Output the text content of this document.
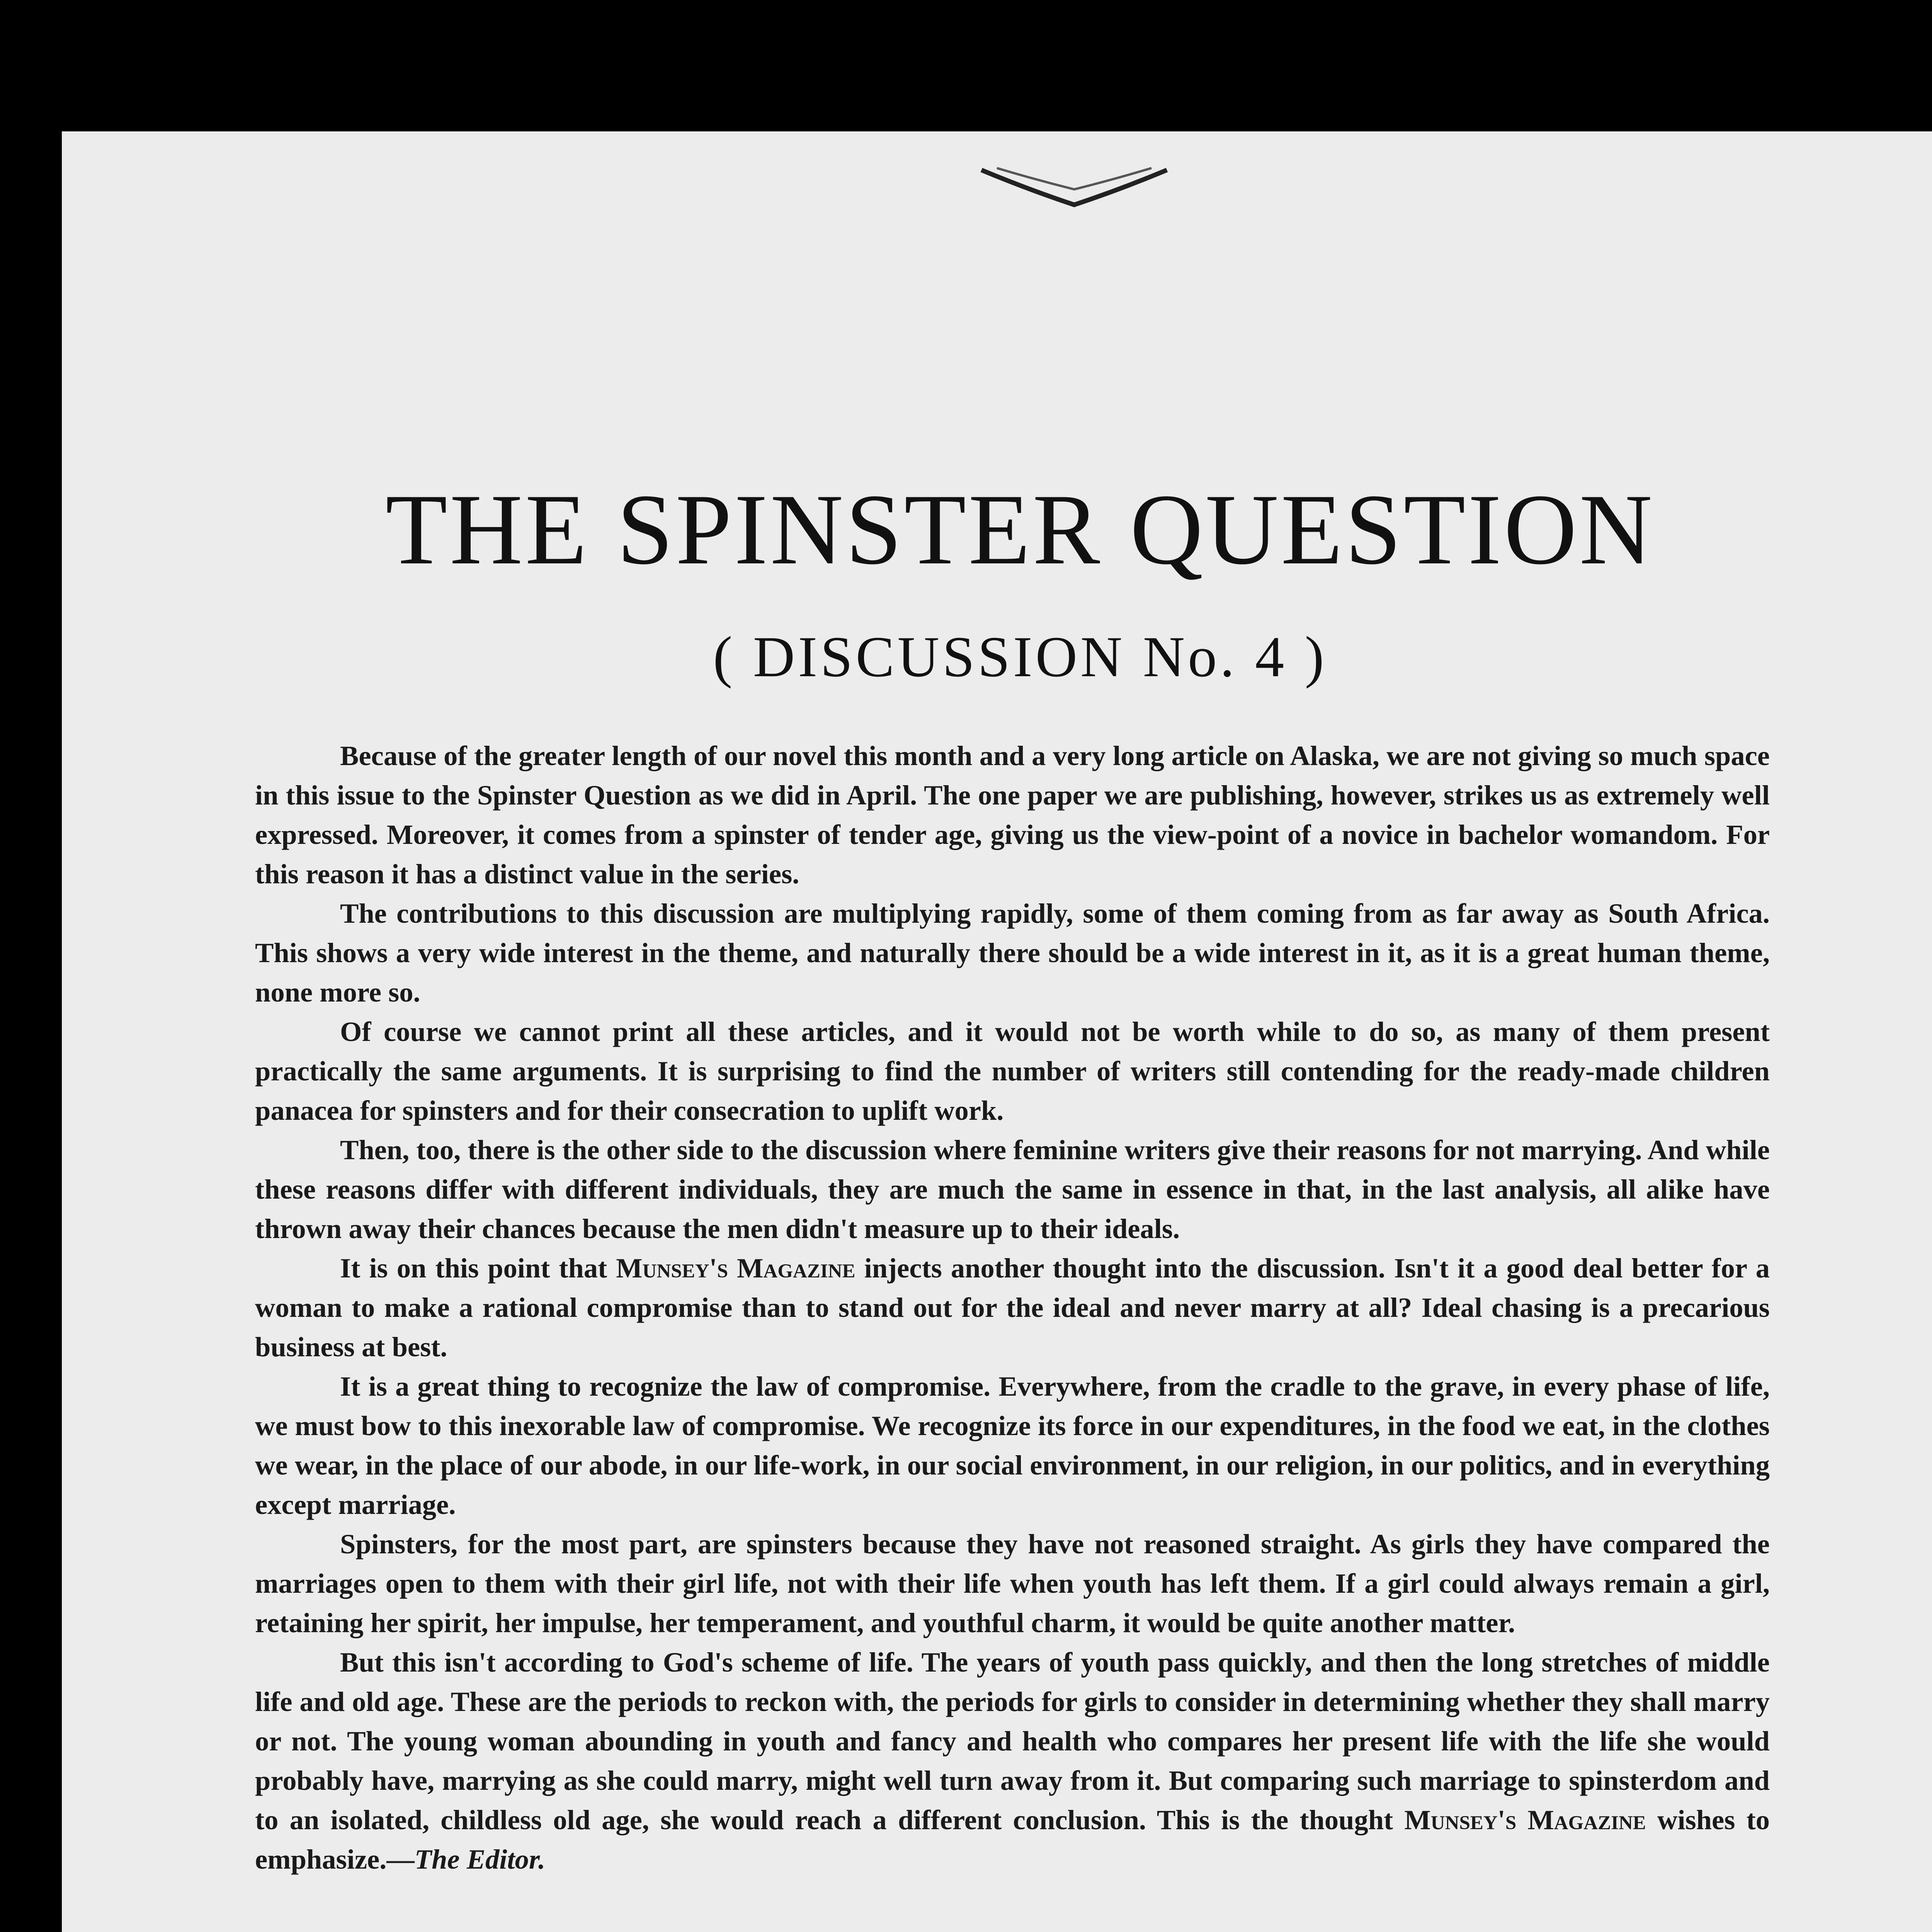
THE SPINSTER QUESTION
( DISCUSSION No. 4 )

Because of the greater length of our novel this month and a very long article on Alaska, we are not giving so much space in this issue to the Spinster Question as we did in April. The one paper we are publishing, however, strikes us as extremely well expressed. Moreover, it comes from a spinster of tender age, giving us the view-point of a novice in bachelor womandom. For this reason it has a distinct value in the series.

The contributions to this discussion are multiplying rapidly, some of them coming from as far away as South Africa. This shows a very wide interest in the theme, and naturally there should be a wide interest in it, as it is a great human theme, none more so.

Of course we cannot print all these articles, and it would not be worth while to do so, as many of them present practically the same arguments. It is surprising to find the number of writers still contending for the ready-made children panacea for spinsters and for their consecration to uplift work.

Then, too, there is the other side to the discussion where feminine writers give their reasons for not marrying. And while these reasons differ with different individuals, they are much the same in essence in that, in the last analysis, all alike have thrown away their chances because the men didn't measure up to their ideals.

It is on this point that Munsey's Magazine injects another thought into the discussion. Isn't it a good deal better for a woman to make a rational compromise than to stand out for the ideal and never marry at all? Ideal chasing is a precarious business at best.

It is a great thing to recognize the law of compromise. Everywhere, from the cradle to the grave, in every phase of life, we must bow to this inexorable law of compromise. We recognize its force in our expenditures, in the food we eat, in the clothes we wear, in the place of our abode, in our life-work, in our social environment, in our religion, in our politics, and in everything except marriage.

Spinsters, for the most part, are spinsters because they have not reasoned straight. As girls they have compared the marriages open to them with their girl life, not with their life when youth has left them. If a girl could always remain a girl, retaining her spirit, her impulse, her temperament, and youthful charm, it would be quite another matter.

But this isn't according to God's scheme of life. The years of youth pass quickly, and then the long stretches of middle life and old age. These are the periods to reckon with, the periods for girls to consider in determining whether they shall marry or not. The young woman abounding in youth and fancy and health who compares her present life with the life she would probably have, marrying as she could marry, might well turn away from it. But comparing such marriage to spinsterdom and to an isolated, childless old age, she would reach a different conclusion. This is the thought Munsey's Magazine wishes to emphasize.—The Editor.
